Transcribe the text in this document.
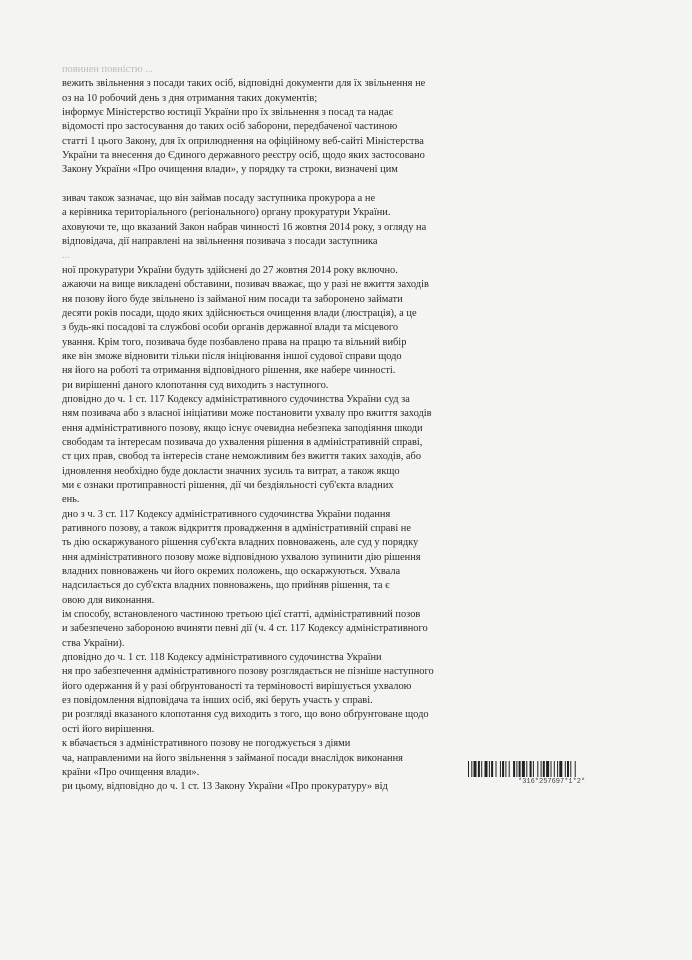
повинен повністю ...
вежить звільнення з посади таких осіб, відповідні документи для їх звільнення не
оз на 10 робочий день з дня отримання таких документів;
інформує Міністерство юстиції України про їх звільнення з посад та надає
відомості про застосування до таких осіб заборони, передбаченої частиною
статті 1 цього Закону, для їх оприлюднення на офіційному веб-сайті Міністерства
України та внесення до Єдиного державного реєстру осіб, щодо яких застосовано
Закону України «Про очищення влади», у порядку та строки, визначені цим

зивач також зазначає, що він займав посаду заступника прокурора а не
а керівника територіального (регіонального) органу прокуратури України.
аховуючи те, що вказаний Закон набрав чинності 16 жовтня 2014 року, з огляду на
відповідача, дії направлені на звільнення позивача з посади заступника
...
ної прокуратури України будуть здійснені до 27 жовтня 2014 року включно.
ажаючи на вище викладені обставини, позивач вважає, що у разі не вжиття заходів
ня позову його буде звільнено із займаної ним посади та заборонено займати
десяти років посади, щодо яких здійснюється очищення влади (люстрація), а це
з будь-які посадові та службові особи органів державної влади та місцевого
ування. Крім того, позивача буде позбавлено права на працю та вільний вибір
яке він зможе відновити тільки після ініціювання іншої судової справи щодо
ня його на роботі та отримання відповідного рішення, яке набере чинності.
ри вирішенні даного клопотання суд виходить з наступного.
дповідно до ч. 1 ст. 117 Кодексу адміністративного судочинства України суд за
ням позивача або з власної ініціативи може постановити ухвалу про вжиття заходів
ення адміністративного позову, якщо існує очевидна небезпека заподіяння шкоди
свободам та інтересам позивача до ухвалення рішення в адміністративній справі,
ст цих прав, свобод та інтересів стане неможливим без вжиття таких заходів, або
ідновлення необхідно буде докласти значних зусиль та витрат, а також якщо
ми є ознаки протиправності рішення, дії чи бездіяльності суб'єкта владних
ень.
дно з ч. 3 ст. 117 Кодексу адміністративного судочинства України подання
ративного позову, а також відкриття провадження в адміністративній справі не
ть дію оскаржуваного рішення суб'єкта владних повноважень, але суд у порядку
ння адміністративного позову може відповідною ухвалою зупинити дію рішення
владних повноважень чи його окремих положень, що оскаржуються. Ухвала
надсилається до суб'єкта владних повноважень, що прийняв рішення, та є
овою для виконання.
ім способу, встановленого частиною третьою цієї статті, адміністративний позов
и забезпечено забороною вчиняти певні дії (ч. 4 ст. 117 Кодексу адміністративного
ства України).
дповідно до ч. 1 ст. 118 Кодексу адміністративного судочинства України
ня про забезпечення адміністративного позову розглядається не пізніше наступного
його одержання й у разі обґрунтованості та терміновості вирішується ухвалою
ез повідомлення відповідача та інших осіб, які беруть участь у справі.
ри розгляді вказаного клопотання суд виходить з того, що воно обґрунтоване щодо
ості його вирішення.
к вбачається з адміністративного позову не погоджується з діями
ча, направленими на його звільнення з займаної посади внаслідок виконання
країни «Про очищення влади».
ри цьому, відповідно до ч. 1 ст. 13 Закону України «Про прокуратуру» від	*316*257697*1*2*
